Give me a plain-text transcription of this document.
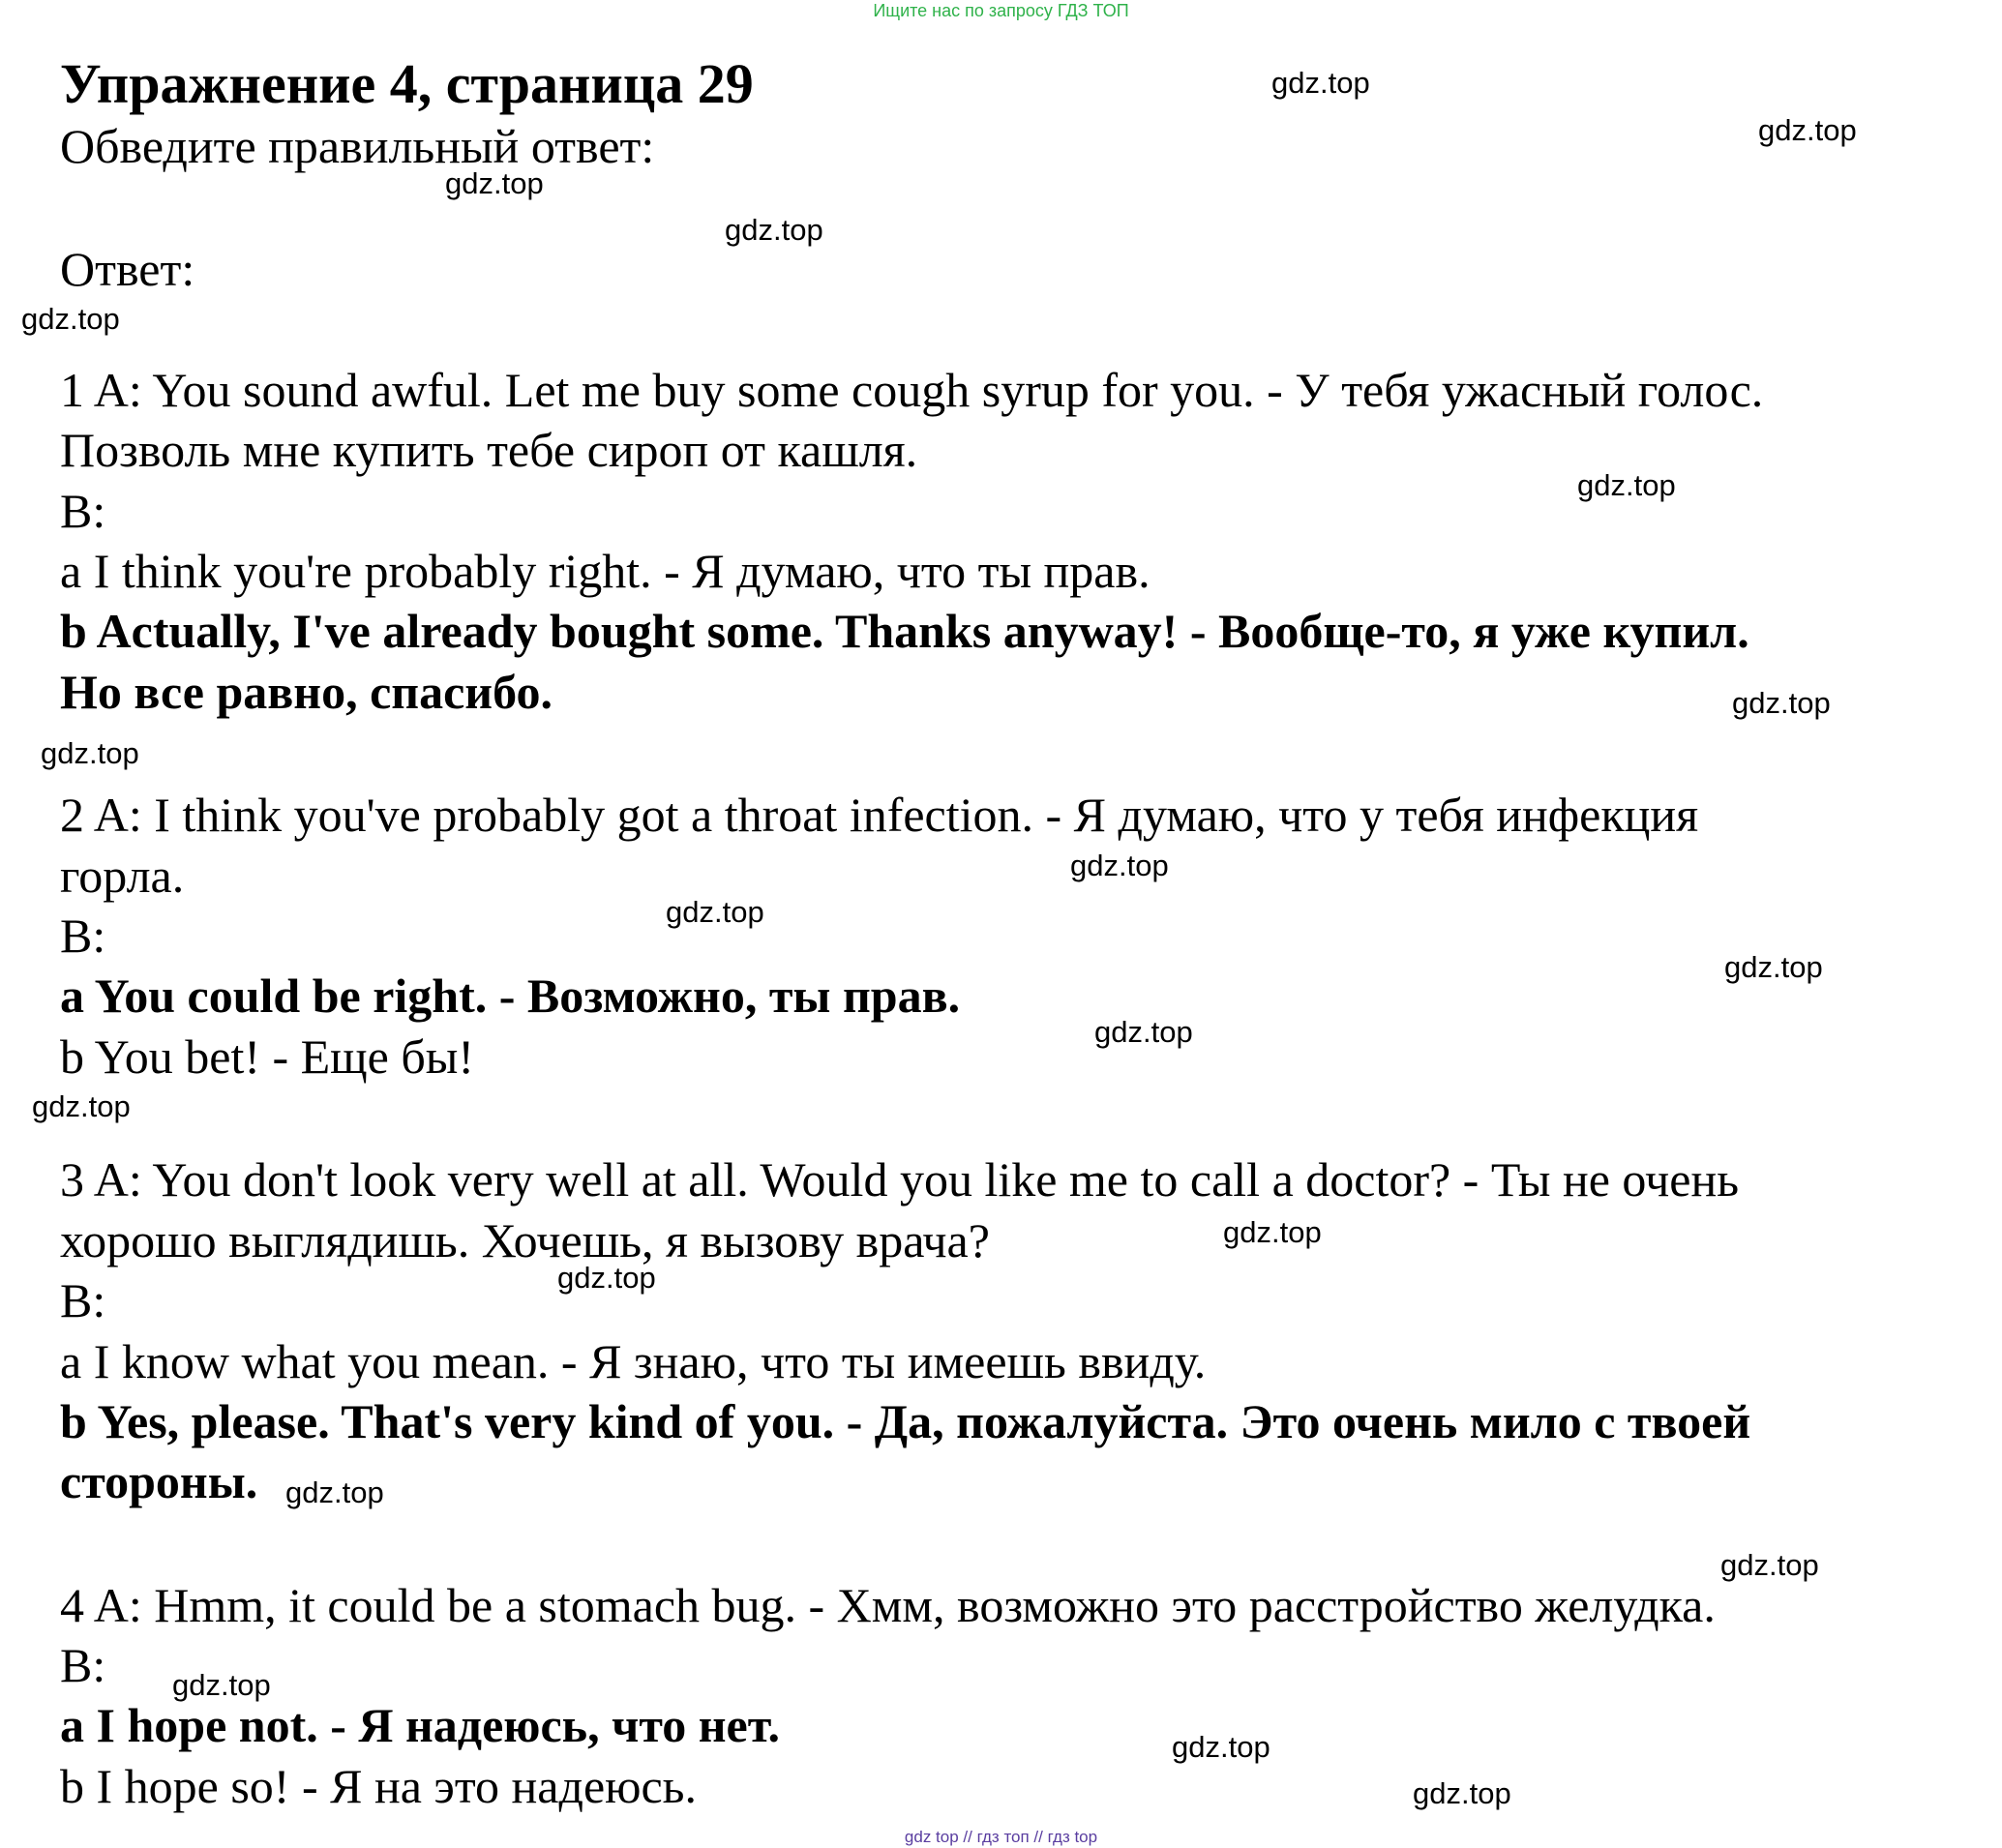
Ищите нас по запросу ГДЗ ТОП
Упражнение 4, страница 29
Обведите правильный ответ:
Ответ:
1 A: You sound awful. Let me buy some cough syrup for you. - У тебя ужасный голос.
Позволь мне купить тебе сироп от кашля.
B:
a I think you're probably right. - Я думаю, что ты прав.
b Actually, I've already bought some. Thanks anyway! - Вообще-то, я уже купил.
Но все равно, спасибо.
2 A: I think you've probably got a throat infection. - Я думаю, что у тебя инфекция
горла.
B:
a You could be right. - Возможно, ты прав.
b You bet! - Еще бы!
3 A: You don't look very well at all. Would you like me to call a doctor? - Ты не очень
хорошо выглядишь. Хочешь, я вызову врача?
B:
a I know what you mean. - Я знаю, что ты имеешь ввиду.
b Yes, please. That's very kind of you. - Да, пожалуйста. Это очень мило с твоей
стороны.
4 A: Hmm, it could be a stomach bug. - Хмм, возможно это расстройство желудка.
B:
a I hope not. - Я надеюсь, что нет.
b I hope so! - Я на это надеюсь.
gdz.top
gdz.top
gdz.top
gdz.top
gdz.top
gdz.top
gdz.top
gdz.top
gdz.top
gdz.top
gdz.top
gdz.top
gdz.top
gdz.top
gdz.top
gdz.top
gdz.top
gdz.top
gdz.top
gdz.top
gdz top // гдз топ // гдз top
